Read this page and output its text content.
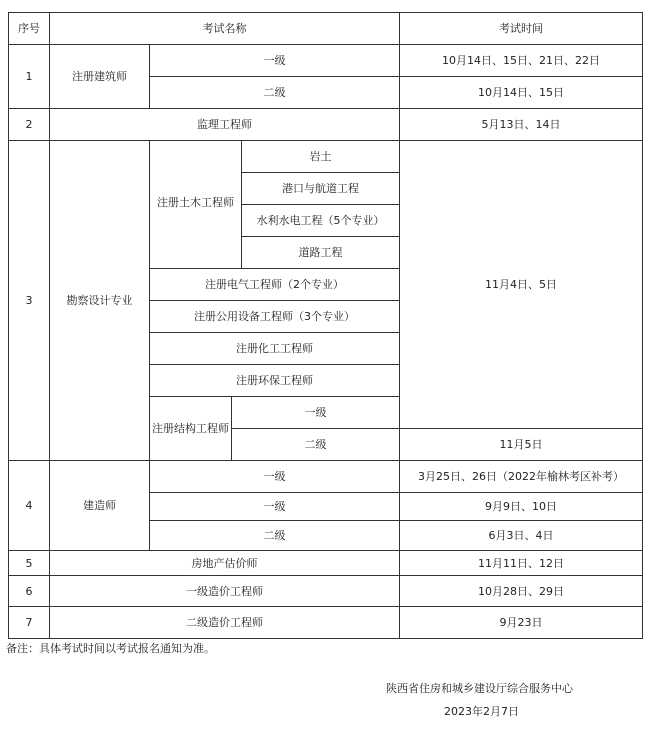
序号	考试名称				考试时间
1	注册建筑师	一级			10月14日、15日、21日、22日
		二级			10月14日、15日
2	监理工程师				5月13日、14日
3	勘察设计专业	注册土木工程师		岩土	11月4日、5日
				港口与航道工程	
				水利水电工程（5个专业）	
				道路工程	
		注册电气工程师（2个专业）			
		注册公用设备工程师（3个专业）			
		注册化工工程师			
		注册环保工程师			
		注册结构工程师	一级		
			二级		11月5日
4	建造师	一级			3月25日、26日（2022年榆林考区补考）
		一级			9月9日、10日
		二级			6月3日、4日
5	房地产估价师				11月11日、12日
6	一级造价工程师				10月28日、29日
7	二级造价工程师				9月23日
备注：具体考试时间以考试报名通知为准。
陕西省住房和城乡建设厅综合服务中心
2023年2月7日
